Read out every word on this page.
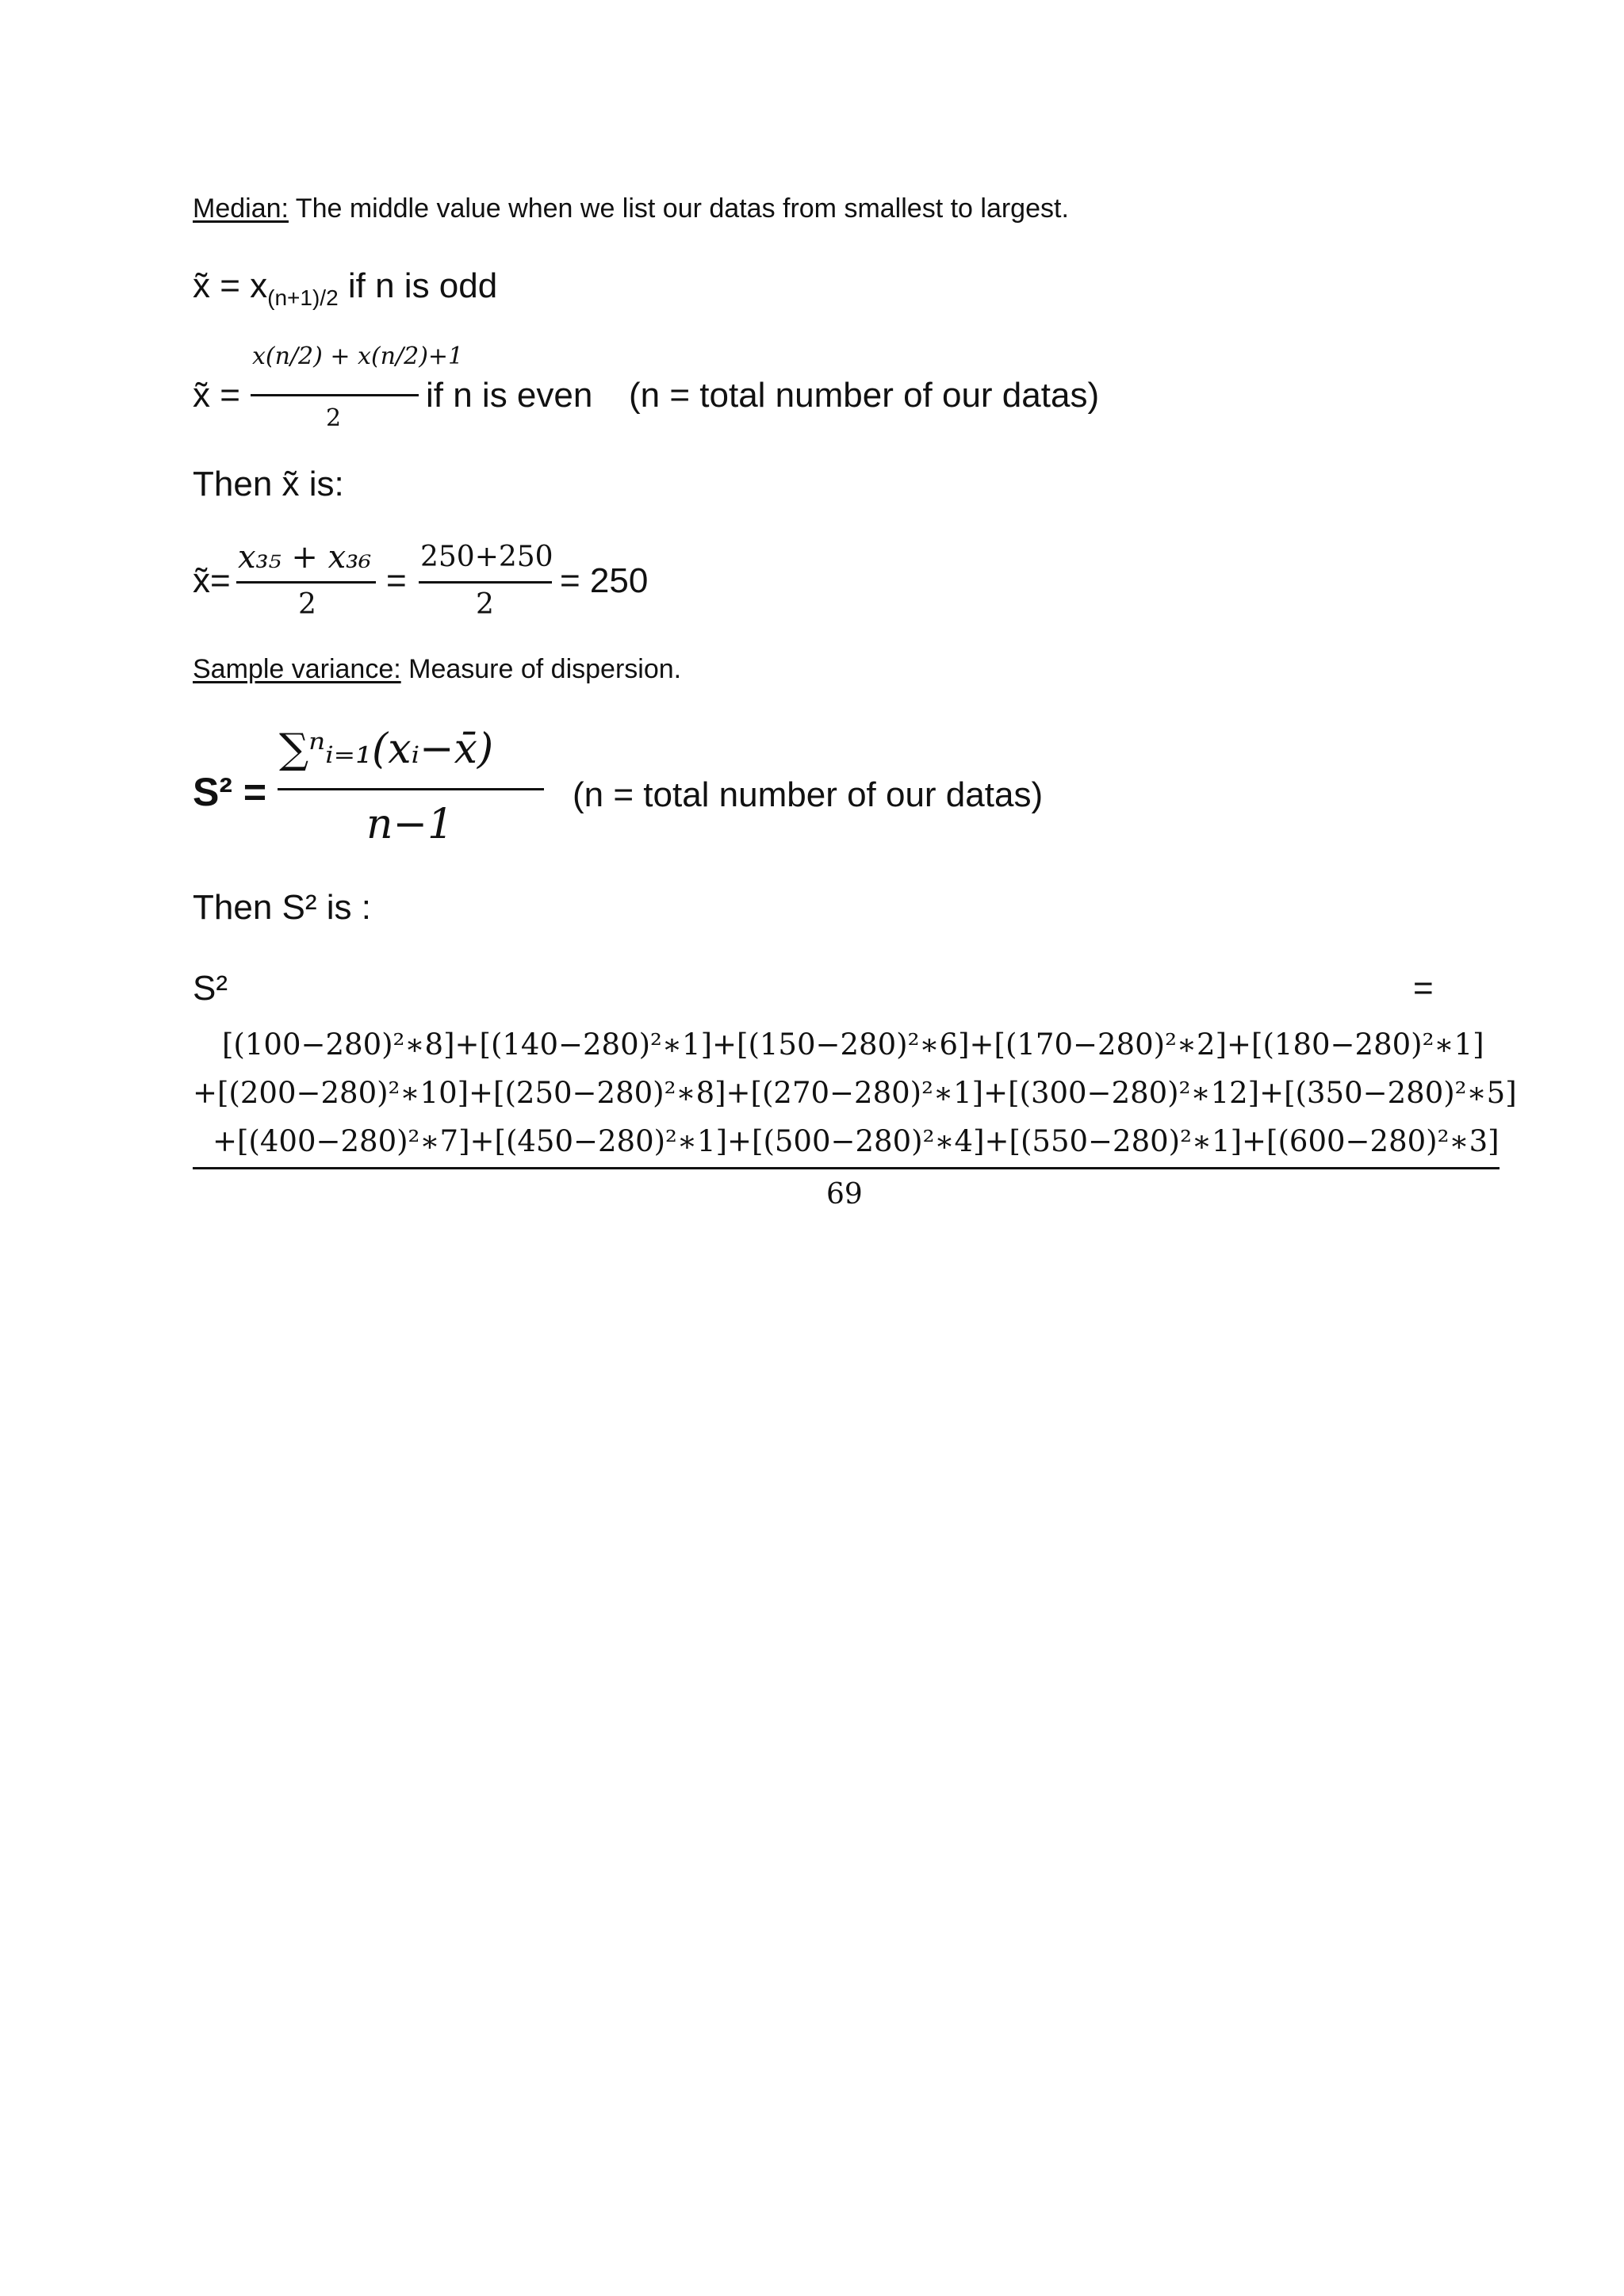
Median: The middle value when we list our datas from smallest to largest.
x̃ = $x_{(n+1)/2}$ if n is odd
x̃ =
x(n/2) + x(n/2)+1
2
if n is even (n = total number of our datas)
Then x̃ is:
x̃=
x₃₅ + x₃₆
2
=
250+250
2
= 250
Sample variance: Measure of dispersion.
S² =
∑ⁿᵢ₌₁(xᵢ−x̄)
n−1
(n = total number of our datas)
Then S² is :
S²	=
[(100−280)²∗8]+[(140−280)²∗1]+[(150−280)²∗6]+[(170−280)²∗2]+[(180−280)²∗1]
+[(200−280)²∗10]+[(250−280)²∗8]+[(270−280)²∗1]+[(300−280)²∗12]+[(350−280)²∗5]
+[(400−280)²∗7]+[(450−280)²∗1]+[(500−280)²∗4]+[(550−280)²∗1]+[(600−280)²∗3]
69
